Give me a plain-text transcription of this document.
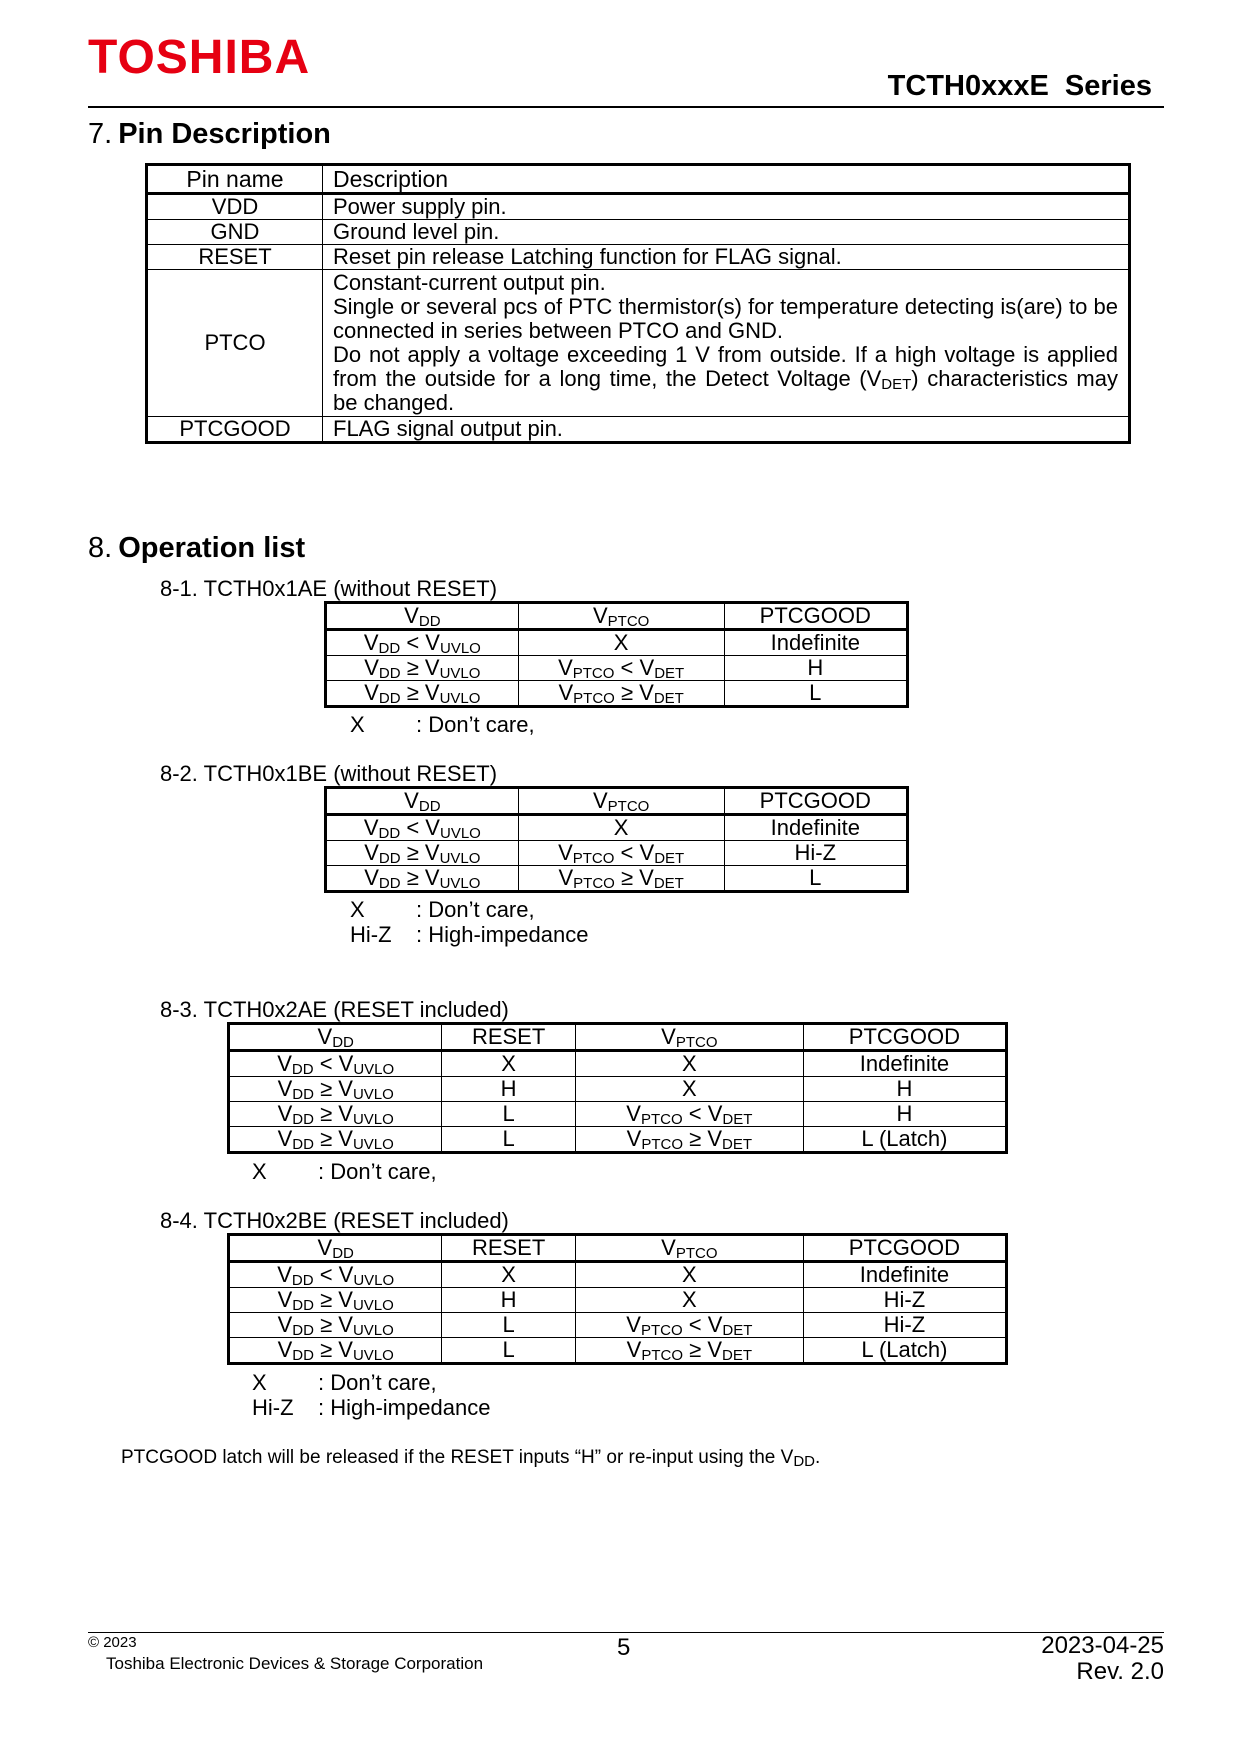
TOSHIBA
TCTH0xxxE  Series
7. Pin Description
Pin name	Description
VDD	Power supply pin.
GND	Ground level pin.
RESET	Reset pin release Latching function for FLAG signal.
PTCO	Constant-current output pin.
Single or several pcs of PTC thermistor(s) for temperature detecting is(are) to be connected in series between PTCO and GND.
Do not apply a voltage exceeding 1 V from outside. If a high voltage is applied from the outside for a long time, the Detect Voltage $(V_{DET})$ characteristics may be changed.

PTCGOOD	FLAG signal output pin.
8. Operation list
8-1. TCTH0x1AE (without RESET)
$V_{DD}$	$V_{PTCO}$	PTCGOOD
$V_{DD} < V_{UVLO}$	X	Indefinite
$V_{DD} \ge V_{UVLO}$	$V_{PTCO} < V_{DET}$	H
$V_{DD} \ge V_{UVLO}$	$V_{PTCO} \ge V_{DET}$	L
X : Don’t care,
8-2. TCTH0x1BE (without RESET)
$V_{DD}$	$V_{PTCO}$	PTCGOOD
$V_{DD} < V_{UVLO}$	X	Indefinite
$V_{DD} \ge V_{UVLO}$	$V_{PTCO} < V_{DET}$	Hi-Z
$V_{DD} \ge V_{UVLO}$	$V_{PTCO} \ge V_{DET}$	L
X : Don’t care,
Hi-Z : High-impedance
8-3. TCTH0x2AE (RESET included)
$V_{DD}$	RESET	$V_{PTCO}$	PTCGOOD
$V_{DD} < V_{UVLO}$	X	X	Indefinite
$V_{DD} \ge V_{UVLO}$	H	X	H
$V_{DD} \ge V_{UVLO}$	L	$V_{PTCO} < V_{DET}$	H
$V_{DD} \ge V_{UVLO}$	L	$V_{PTCO} \ge V_{DET}$	L (Latch)
X : Don’t care,
8-4. TCTH0x2BE (RESET included)
$V_{DD}$	RESET	$V_{PTCO}$	PTCGOOD
$V_{DD} < V_{UVLO}$	X	X	Indefinite
$V_{DD} \ge V_{UVLO}$	H	X	Hi-Z
$V_{DD} \ge V_{UVLO}$	L	$V_{PTCO} < V_{DET}$	Hi-Z
$V_{DD} \ge V_{UVLO}$	L	$V_{PTCO} \ge V_{DET}$	L (Latch)
X : Don’t care,
Hi-Z : High-impedance
PTCGOOD latch will be released if the RESET inputs “H” or re-input using the $V_{DD}$.
© 2023
Toshiba Electronic Devices & Storage Corporation
5	2023-04-25
Rev. 2.0
